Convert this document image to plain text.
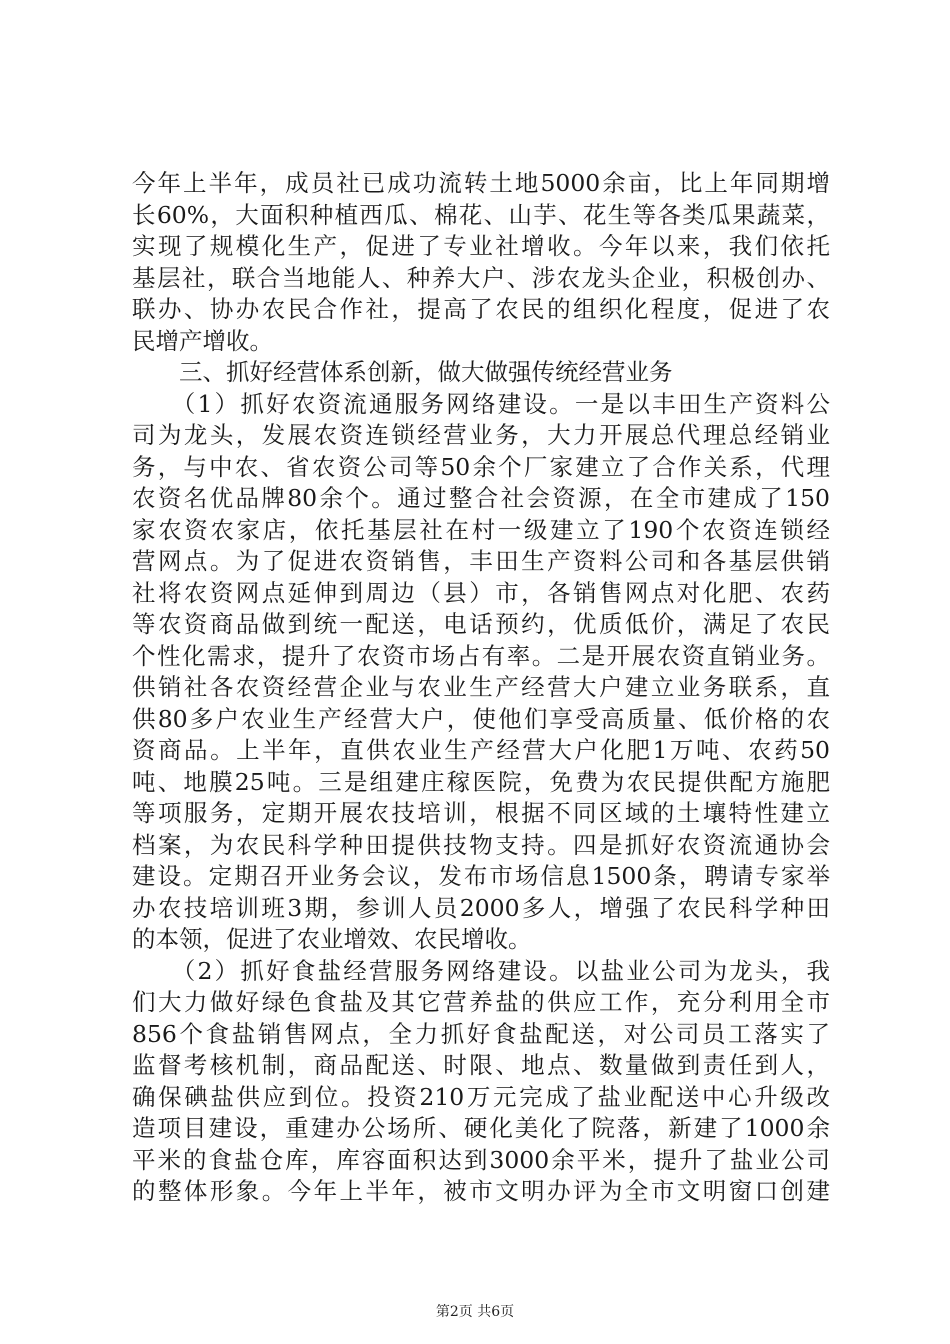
今年上半年，成员社已成功流转土地5000余亩，比上年同期增
长60%，大面积种植西瓜、棉花、山芋、花生等各类瓜果蔬菜，
实现了规模化生产，促进了专业社增收。今年以来，我们依托
基层社，联合当地能人、种养大户、涉农龙头企业，积极创办、
联办、协办农民合作社，提高了农民的组织化程度，促进了农
民增产增收。
　　三、抓好经营体系创新，做大做强传统经营业务
　　（1）抓好农资流通服务网络建设。一是以丰田生产资料公
司为龙头，发展农资连锁经营业务，大力开展总代理总经销业
务，与中农、省农资公司等50余个厂家建立了合作关系，代理
农资名优品牌80余个。通过整合社会资源，在全市建成了150
家农资农家店，依托基层社在村一级建立了190个农资连锁经
营网点。为了促进农资销售，丰田生产资料公司和各基层供销
社将农资网点延伸到周边（县）市，各销售网点对化肥、农药
等农资商品做到统一配送，电话预约，优质低价，满足了农民
个性化需求，提升了农资市场占有率。二是开展农资直销业务。
供销社各农资经营企业与农业生产经营大户建立业务联系，直
供80多户农业生产经营大户，使他们享受高质量、低价格的农
资商品。上半年，直供农业生产经营大户化肥1万吨、农药50
吨、地膜25吨。三是组建庄稼医院，免费为农民提供配方施肥
等项服务，定期开展农技培训，根据不同区域的土壤特性建立
档案，为农民科学种田提供技物支持。四是抓好农资流通协会
建设。定期召开业务会议，发布市场信息1500条，聘请专家举
办农技培训班3期，参训人员2000多人，增强了农民科学种田
的本领，促进了农业增效、农民增收。
　　（2）抓好食盐经营服务网络建设。以盐业公司为龙头，我
们大力做好绿色食盐及其它营养盐的供应工作，充分利用全市
856个食盐销售网点，全力抓好食盐配送，对公司员工落实了
监督考核机制，商品配送、时限、地点、数量做到责任到人，
确保碘盐供应到位。投资210万元完成了盐业配送中心升级改
造项目建设，重建办公场所、硬化美化了院落，新建了1000余
平米的食盐仓库，库容面积达到3000余平米，提升了盐业公司
的整体形象。今年上半年，被市文明办评为全市文明窗口创建
第2页 共6页
